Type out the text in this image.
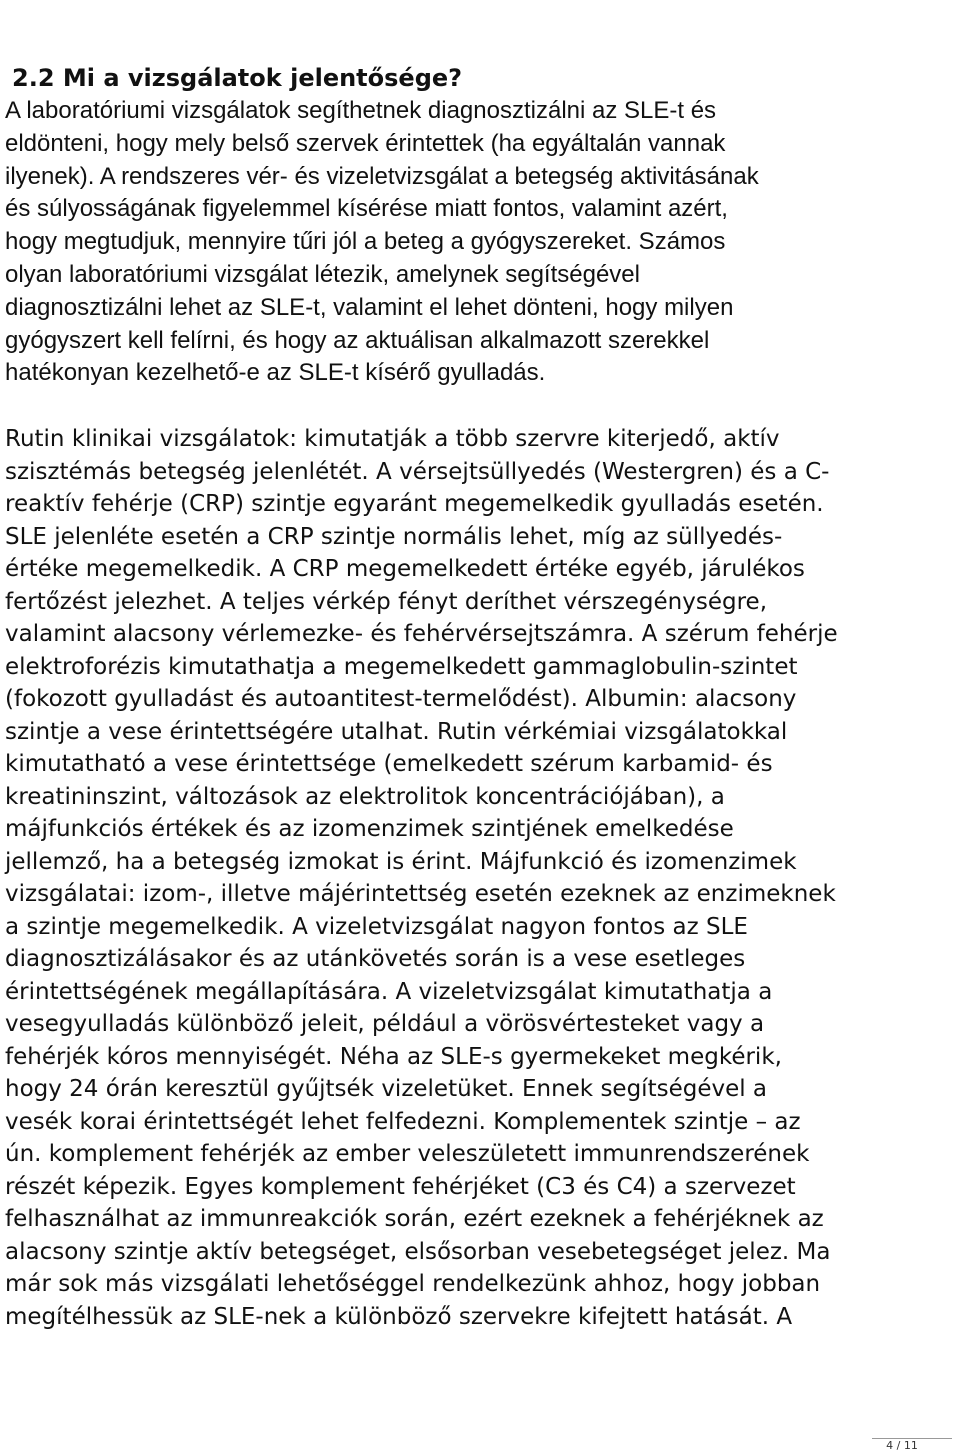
2.2 Mi a vizsgálatok jelentősége?
A laboratóriumi vizsgálatok segíthetnek diagnosztizálni az SLE-t és
eldönteni, hogy mely belső szervek érintettek (ha egyáltalán vannak
ilyenek). A rendszeres vér- és vizeletvizsgálat a betegség aktivitásának
és súlyosságának figyelemmel kísérése miatt fontos, valamint azért,
hogy megtudjuk, mennyire tűri jól a beteg a gyógyszereket. Számos
olyan laboratóriumi vizsgálat létezik, amelynek segítségével
diagnosztizálni lehet az SLE-t, valamint el lehet dönteni, hogy milyen
gyógyszert kell felírni, és hogy az aktuálisan alkalmazott szerekkel
hatékonyan kezelhető-e az SLE-t kísérő gyulladás.
Rutin klinikai vizsgálatok: kimutatják a több szervre kiterjedő, aktív
szisztémás betegség jelenlétét. A vérsejtsüllyedés (Westergren) és a C-
reaktív fehérje (CRP) szintje egyaránt megemelkedik gyulladás esetén.
SLE jelenléte esetén a CRP szintje normális lehet, míg az süllyedés-
értéke megemelkedik. A CRP megemelkedett értéke egyéb, járulékos
fertőzést jelezhet. A teljes vérkép fényt deríthet vérszegénységre,
valamint alacsony vérlemezke- és fehérvérsejtszámra. A szérum fehérje
elektroforézis kimutathatja a megemelkedett gammaglobulin-szintet
(fokozott gyulladást és autoantitest-termelődést). Albumin: alacsony
szintje a vese érintettségére utalhat. Rutin vérkémiai vizsgálatokkal
kimutatható a vese érintettsége (emelkedett szérum karbamid- és
kreatininszint, változások az elektrolitok koncentrációjában), a
májfunkciós értékek és az izomenzimek szintjének emelkedése
jellemző, ha a betegség izmokat is érint. Májfunkció és izomenzimek
vizsgálatai: izom-, illetve májérintettség esetén ezeknek az enzimeknek
a szintje megemelkedik. A vizeletvizsgálat nagyon fontos az SLE
diagnosztizálásakor és az utánkövetés során is a vese esetleges
érintettségének megállapítására. A vizeletvizsgálat kimutathatja a
vesegyulladás különböző jeleit, például a vörösvértesteket vagy a
fehérjék kóros mennyiségét. Néha az SLE-s gyermekeket megkérik,
hogy 24 órán keresztül gyűjtsék vizeletüket. Ennek segítségével a
vesék korai érintettségét lehet felfedezni. Komplementek szintje – az
ún. komplement fehérjék az ember veleszületett immunrendszerének
részét képezik. Egyes komplement fehérjéket (C3 és C4) a szervezet
felhasználhat az immunreakciók során, ezért ezeknek a fehérjéknek az
alacsony szintje aktív betegséget, elsősorban vesebetegséget jelez. Ma
már sok más vizsgálati lehetőséggel rendelkezünk ahhoz, hogy jobban
megítélhessük az SLE-nek a különböző szervekre kifejtett hatását. A
4 / 11
